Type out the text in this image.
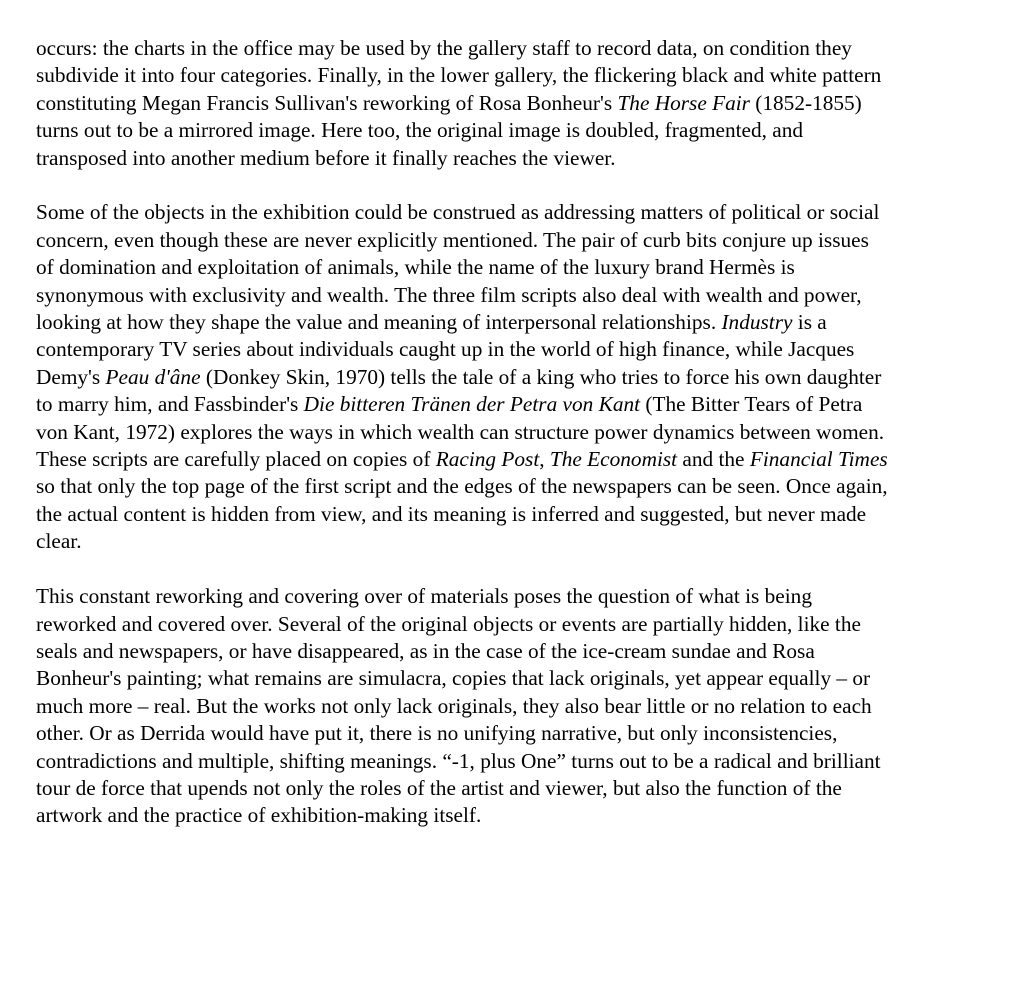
occurs: the charts in the office may be used by the gallery staff to record data, on condition they
subdivide it into four categories. Finally, in the lower gallery, the flickering black and white pattern
constituting Megan Francis Sullivan's reworking of Rosa Bonheur's The Horse Fair (1852-1855)
turns out to be a mirrored image. Here too, the original image is doubled, fragmented, and
transposed into another medium before it finally reaches the viewer.

Some of the objects in the exhibition could be construed as addressing matters of political or social
concern, even though these are never explicitly mentioned. The pair of curb bits conjure up issues
of domination and exploitation of animals, while the name of the luxury brand Hermès is
synonymous with exclusivity and wealth. The three film scripts also deal with wealth and power,
looking at how they shape the value and meaning of interpersonal relationships. Industry is a
contemporary TV series about individuals caught up in the world of high finance, while Jacques
Demy's Peau d'âne (Donkey Skin, 1970) tells the tale of a king who tries to force his own daughter
to marry him, and Fassbinder's Die bitteren Tränen der Petra von Kant (The Bitter Tears of Petra
von Kant, 1972) explores the ways in which wealth can structure power dynamics between women.
These scripts are carefully placed on copies of Racing Post, The Economist and the Financial Times
so that only the top page of the first script and the edges of the newspapers can be seen. Once again,
the actual content is hidden from view, and its meaning is inferred and suggested, but never made
clear.

This constant reworking and covering over of materials poses the question of what is being
reworked and covered over. Several of the original objects or events are partially hidden, like the
seals and newspapers, or have disappeared, as in the case of the ice-cream sundae and Rosa
Bonheur's painting; what remains are simulacra, copies that lack originals, yet appear equally – or
much more – real. But the works not only lack originals, they also bear little or no relation to each
other. Or as Derrida would have put it, there is no unifying narrative, but only inconsistencies,
contradictions and multiple, shifting meanings. “-1, plus One” turns out to be a radical and brilliant
tour de force that upends not only the roles of the artist and viewer, but also the function of the
artwork and the practice of exhibition-making itself.
